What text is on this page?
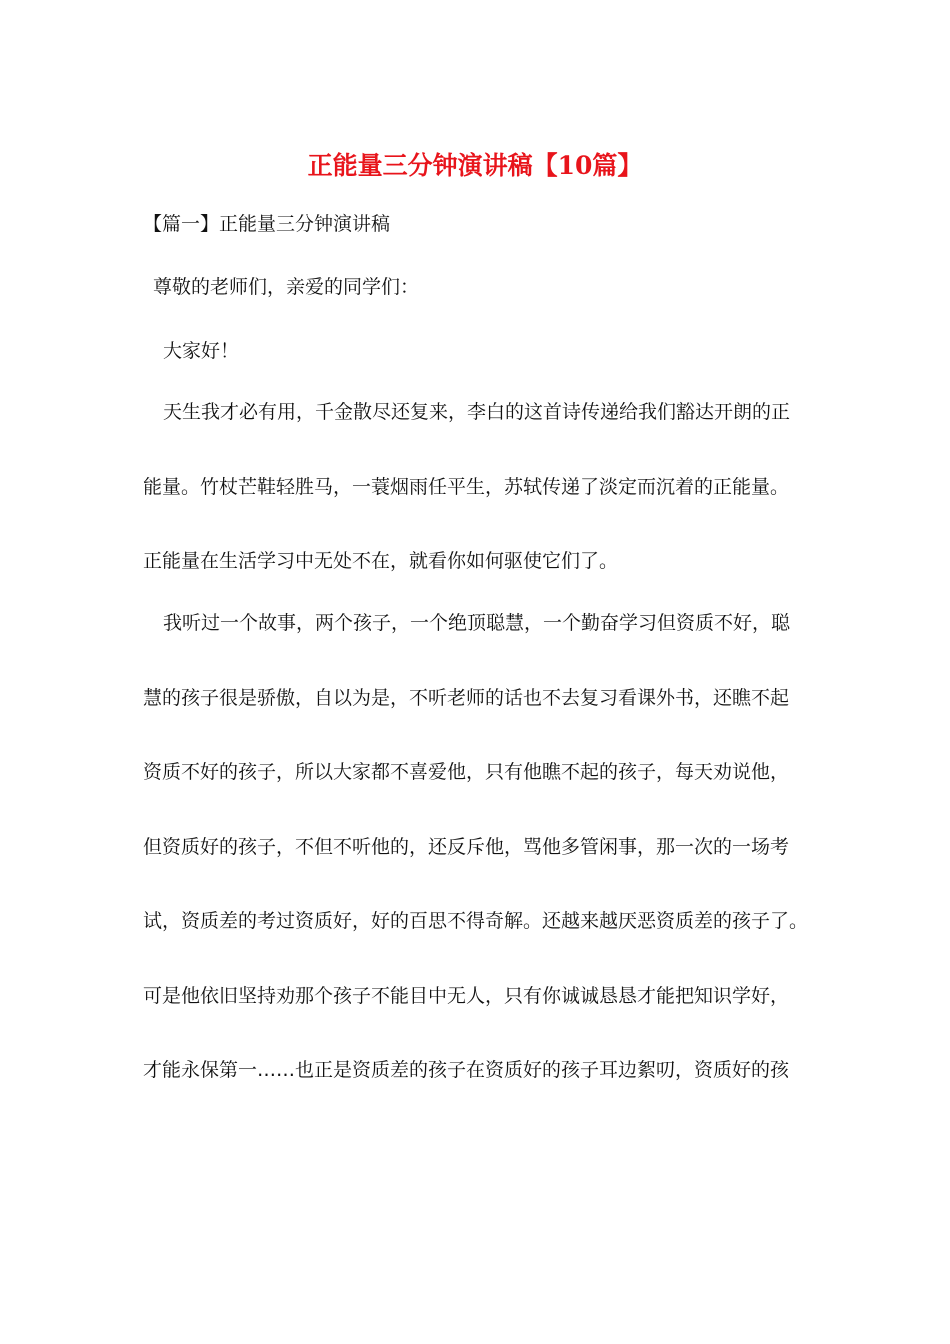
正能量三分钟演讲稿【10篇】
【篇一】正能量三分钟演讲稿
尊敬的老师们，亲爱的同学们：
大家好！
天生我才必有用，千金散尽还复来，李白的这首诗传递给我们豁达开朗的正
能量。竹杖芒鞋轻胜马，一蓑烟雨任平生，苏轼传递了淡定而沉着的正能量。
正能量在生活学习中无处不在，就看你如何驱使它们了。
我听过一个故事，两个孩子，一个绝顶聪慧，一个勤奋学习但资质不好，聪
慧的孩子很是骄傲，自以为是，不听老师的话也不去复习看课外书，还瞧不起
资质不好的孩子，所以大家都不喜爱他，只有他瞧不起的孩子，每天劝说他，
但资质好的孩子，不但不听他的，还反斥他，骂他多管闲事，那一次的一场考
试，资质差的考过资质好，好的百思不得奇解。还越来越厌恶资质差的孩子了。
可是他依旧坚持劝那个孩子不能目中无人，只有你诚诚恳恳才能把知识学好，
才能永保第一……也正是资质差的孩子在资质好的孩子耳边絮叨，资质好的孩
